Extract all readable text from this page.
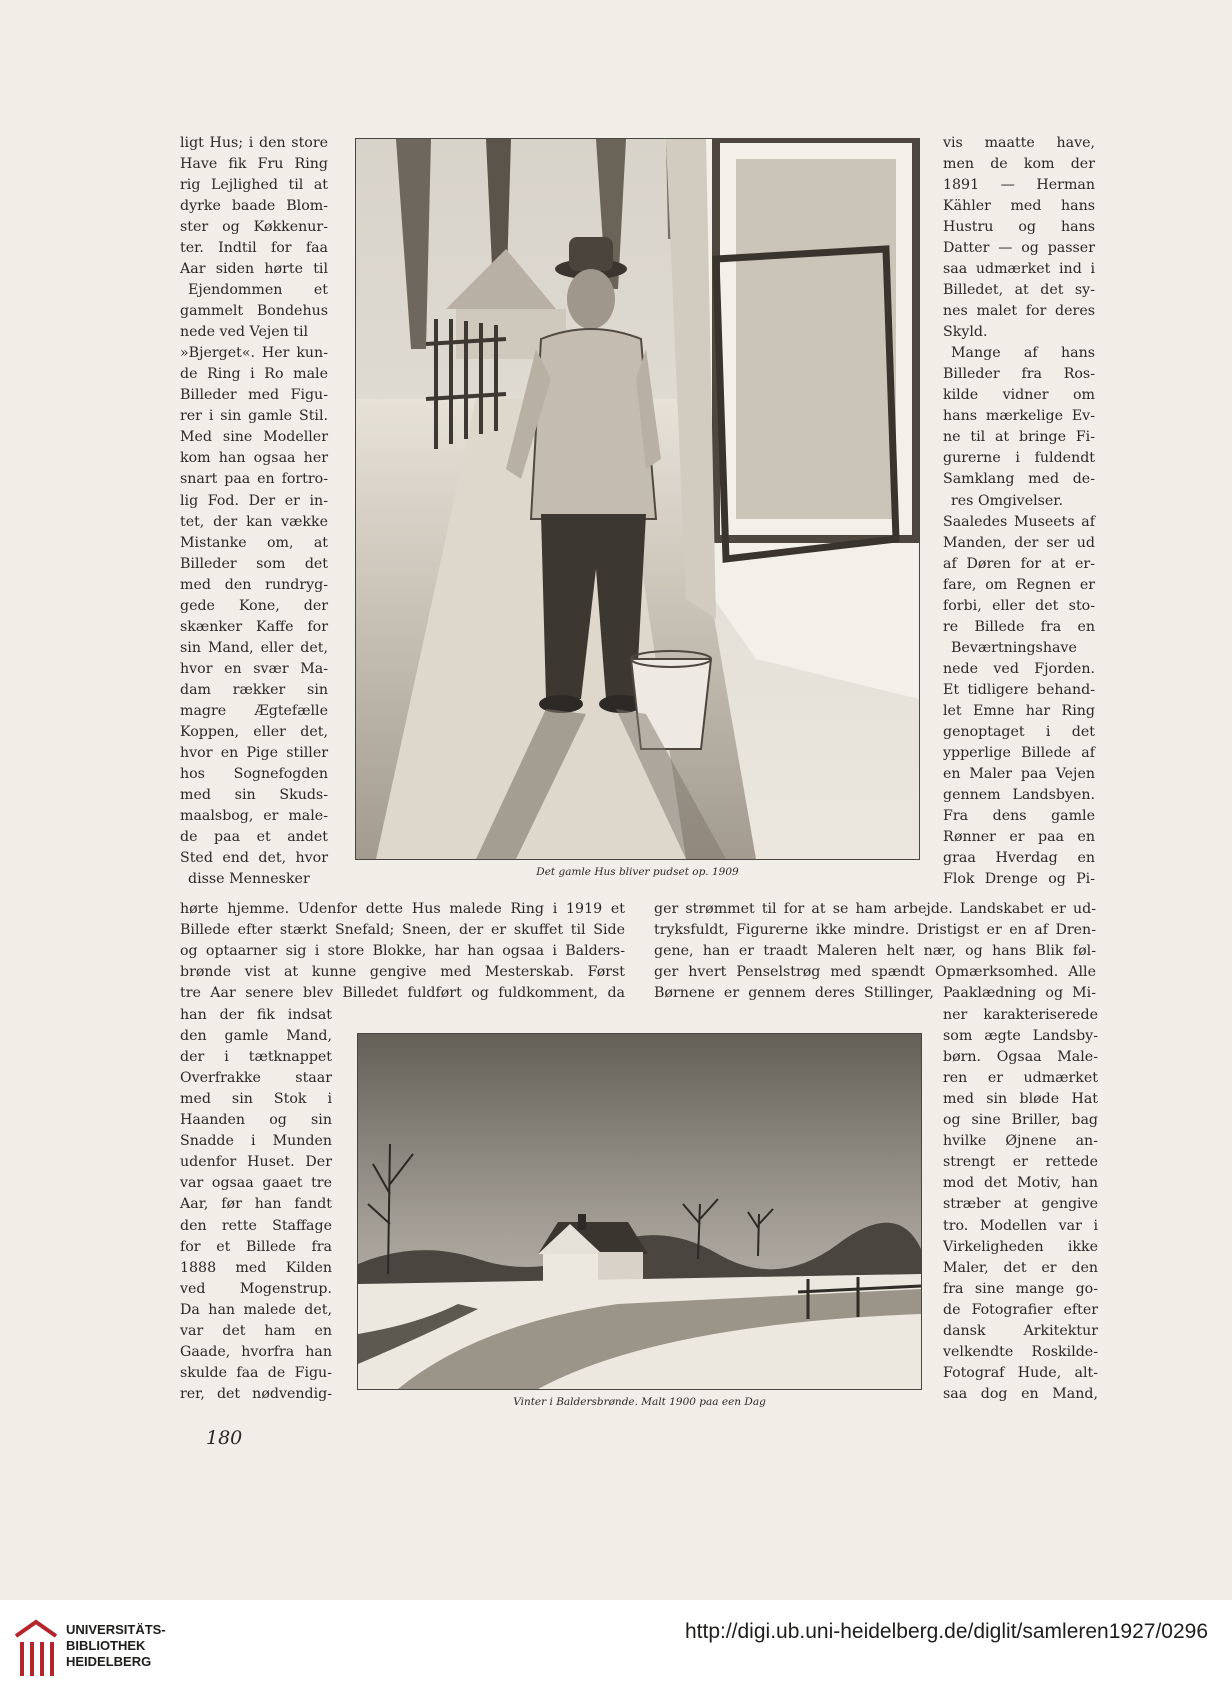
ligt Hus; i den store

Have fik Fru Ring

rig Lejlighed til at

dyrke baade Blom-

ster og Køkkenur-

ter. Indtil for faa

Aar siden hørte til

Ejendommen et

gammelt Bondehus

nede ved Vejen til

»Bjerget«. Her kun-

de Ring i Ro male

Billeder med Figu-

rer i sin gamle Stil.

Med sine Modeller

kom han ogsaa her

snart paa en fortro-

lig Fod. Der er in-

tet, der kan vække

Mistanke om, at

Billeder som det

med den rundryg-

gede Kone, der

skænker Kaffe for

sin Mand, eller det,

hvor en svær Ma-

dam rækker sin

magre Ægtefælle

Koppen, eller det,

hvor en Pige stiller

hos Sognefogden

med sin Skuds-

maalsbog, er male-

de paa et andet

Sted end det, hvor

disse Mennesker

vis maatte have,

men de kom der

1891 — Herman

Kähler med hans

Hustru og hans

Datter — og passer

saa udmærket ind i

Billedet, at det sy-

nes malet for deres

Skyld.

Mange af hans

Billeder fra Ros-

kilde vidner om

hans mærkelige Ev-

ne til at bringe Fi-

gurerne i fuldendt

Samklang med de-

res Omgivelser.

Saaledes Museets af

Manden, der ser ud

af Døren for at er-

fare, om Regnen er

forbi, eller det sto-

re Billede fra en

Beværtningshave

nede ved Fjorden.

Et tidligere behand-

let Emne har Ring

genoptaget i det

ypperlige Billede af

en Maler paa Vejen

gennem Landsbyen.

Fra dens gamle

Rønner er paa en

graa Hverdag en

Flok Drenge og Pi-

hørte hjemme. Udenfor dette Hus malede Ring i 1919 et

Billede efter stærkt Snefald; Sneen, der er skuffet til Side

og optaarner sig i store Blokke, har han ogsaa i Balders-

brønde vist at kunne gengive med Mesterskab. Først

tre Aar senere blev Billedet fuldført og fuldkomment, da

ger strømmet til for at se ham arbejde. Landskabet er ud-

tryksfuldt, Figurerne ikke mindre. Dristigst er en af Dren-

gene, han er traadt Maleren helt nær, og hans Blik føl-

ger hvert Penselstrøg med spændt Opmærksomhed. Alle

Børnene er gennem deres Stillinger, Paaklædning og Mi-

han der fik indsat

den gamle Mand,

der i tætknappet

Overfrakke staar

med sin Stok i

Haanden og sin

Snadde i Munden

udenfor Huset. Der

var ogsaa gaaet tre

Aar, før han fandt

den rette Staffage

for et Billede fra

1888 med Kilden

ved Mogenstrup.

Da han malede det,

var det ham en

Gaade, hvorfra han

skulde faa de Figu-

rer, det nødvendig-

ner karakteriserede

som ægte Landsby-

børn. Ogsaa Male-

ren er udmærket

med sin bløde Hat

og sine Briller, bag

hvilke Øjnene an-

strengt er rettede

mod det Motiv, han

stræber at gengive

tro. Modellen var i

Virkeligheden ikke

Maler, det er den

fra sine mange go-

de Fotografier efter

dansk Arkitektur

velkendte Roskilde-

Fotograf Hude, alt-

saa dog en Mand,

Det gamle Hus bliver pudset op. 1909
Vinter i Baldersbrønde. Malt 1900 paa een Dag
180
UNIVERSITÄTS-
BIBLIOTHEK
HEIDELBERG
http://digi.ub.uni-heidelberg.de/diglit/samleren1927/0296
